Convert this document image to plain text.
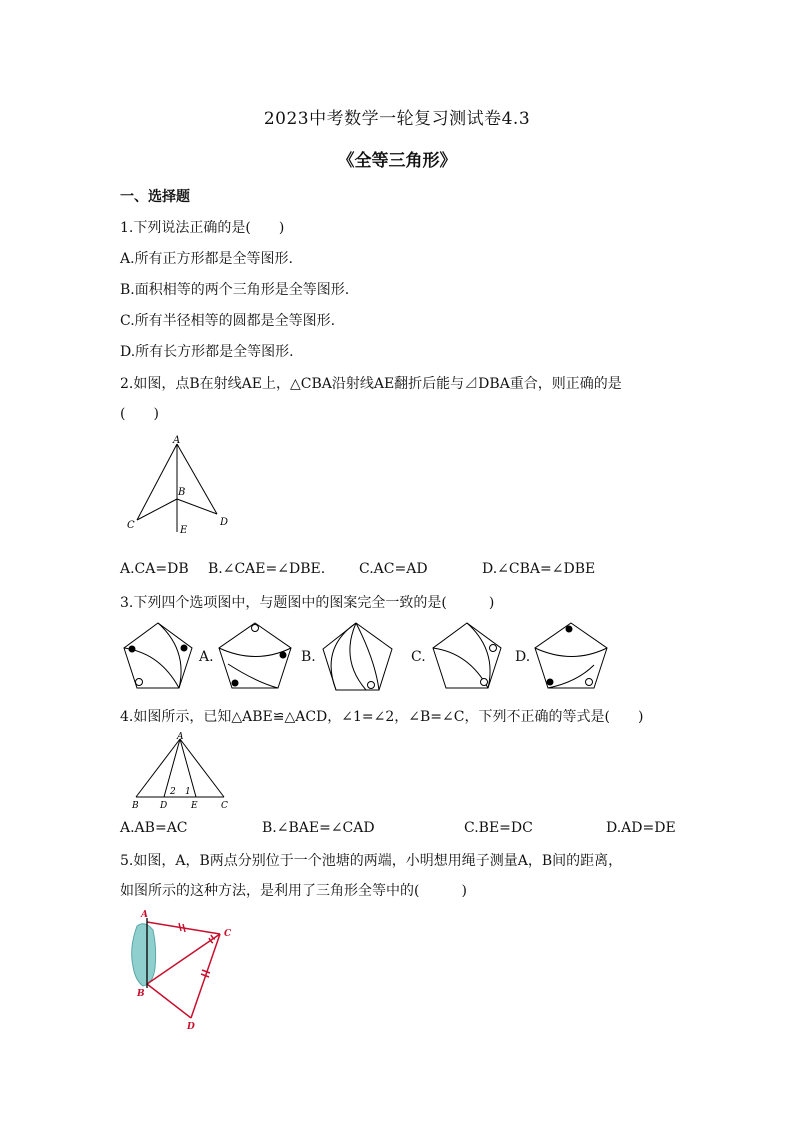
2023中考数学一轮复习测试卷4.3
《全等三角形》
一、选择题
1.下列说法正确的是(　　)
A.所有正方形都是全等图形.
B.面积相等的两个三角形是全等图形.
C.所有半径相等的圆都是全等图形.
D.所有长方形都是全等图形.
2.如图，点B在射线AE上，△CBA沿射线AE翻折后能与⊿DBA重合，则正确的是
(　　)
A
B
C	D
E
A.CA=DB B.∠CAE=∠DBE. C.AC=AD	D.∠CBA=∠DBE
3.下列四个选项图中，与题图中的图案完全一致的是(　　　)
A.	B.	C.	D.
4.如图所示，已知△ABE≌△ACD，∠1=∠2，∠B=∠C，下列不正确的等式是(　　)
A
B D	E	C
2 1
A.AB=AC	B.∠BAE=∠CAD	C.BE=DC	D.AD=DE
5.如图，A，B两点分别位于一个池塘的两端，小明想用绳子测量A，B间的距离，
如图所示的这种方法，是利用了三角形全等中的(　　　)
A
B
C
D
